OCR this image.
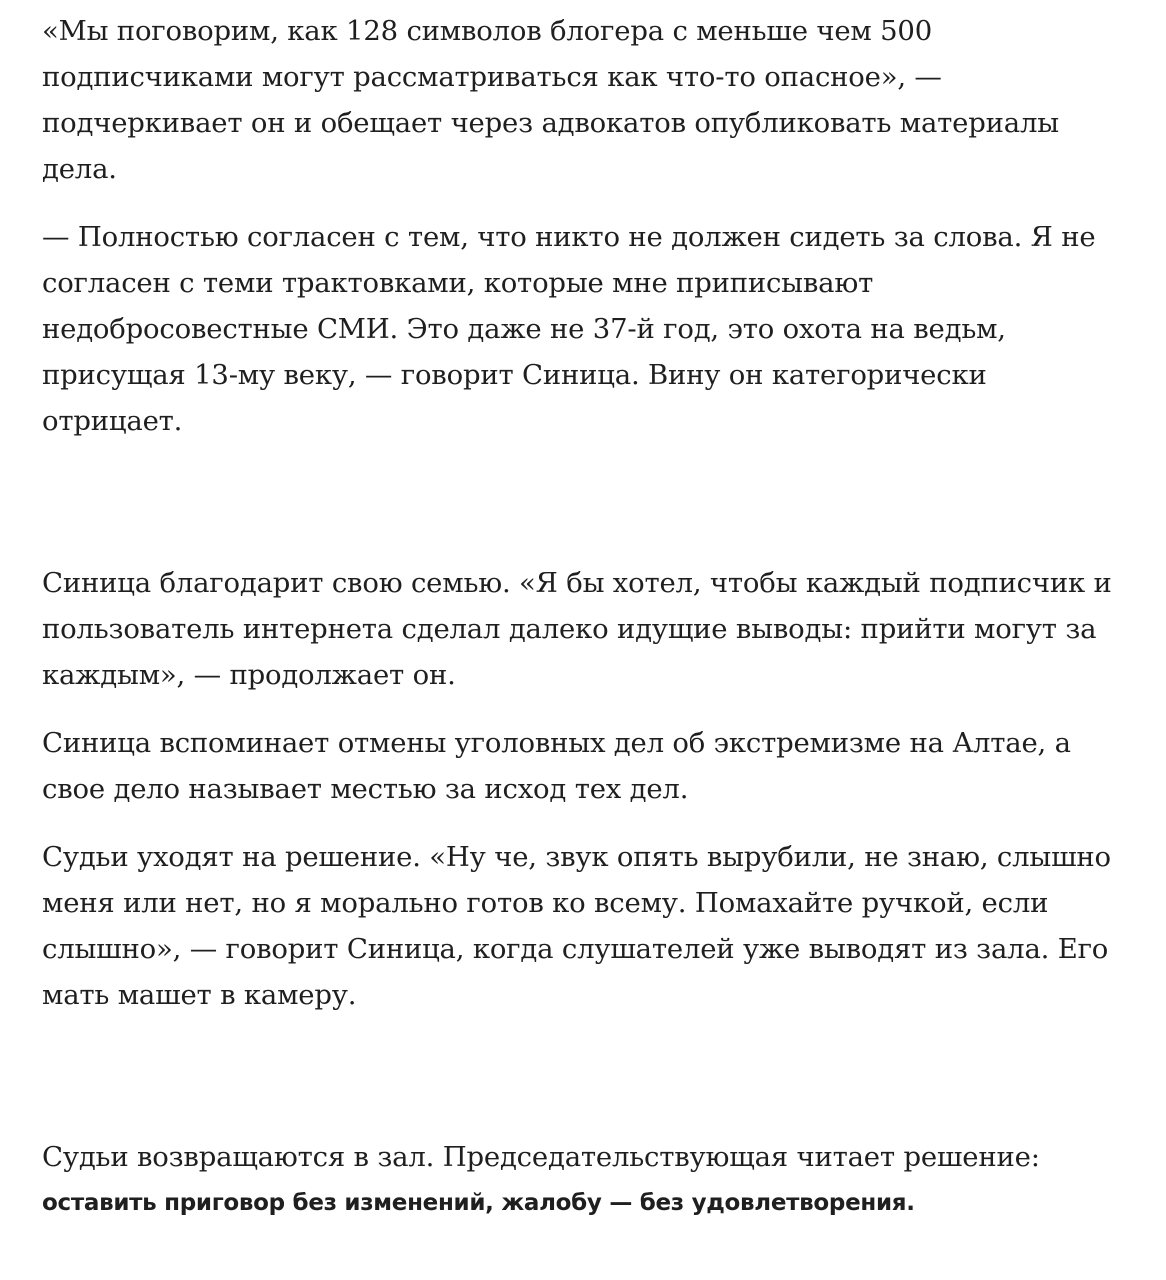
«Мы поговорим, как 128 символов блогера с меньше чем 500 подписчиками могут рассматриваться как что-то опасное», — подчеркивает он и обещает через адвокатов опубликовать материалы дела.

— Полностью согласен с тем, что никто не должен сидеть за слова. Я не согласен с теми трактовками, которые мне приписывают недобросовестные СМИ. Это даже не 37-й год, это охота на ведьм, присущая 13-му веку, — говорит Синица. Вину он категорически отрицает.

Синица благодарит свою семью. «Я бы хотел, чтобы каждый подписчик и пользователь интернета сделал далеко идущие выводы: прийти могут за каждым», — продолжает он.

Синица вспоминает отмены уголовных дел об экстремизме на Алтае, а свое дело называет местью за исход тех дел.

Судьи уходят на решение. «Ну че, звук опять вырубили, не знаю, слышно меня или нет, но я морально готов ко всему. Помахайте ручкой, если слышно», — говорит Синица, когда слушателей уже выводят из зала. Его мать машет в камеру.

Судьи возвращаются в зал. Председательствующая читает решение:
оставить приговор без изменений, жалобу — без удовлетворения.
